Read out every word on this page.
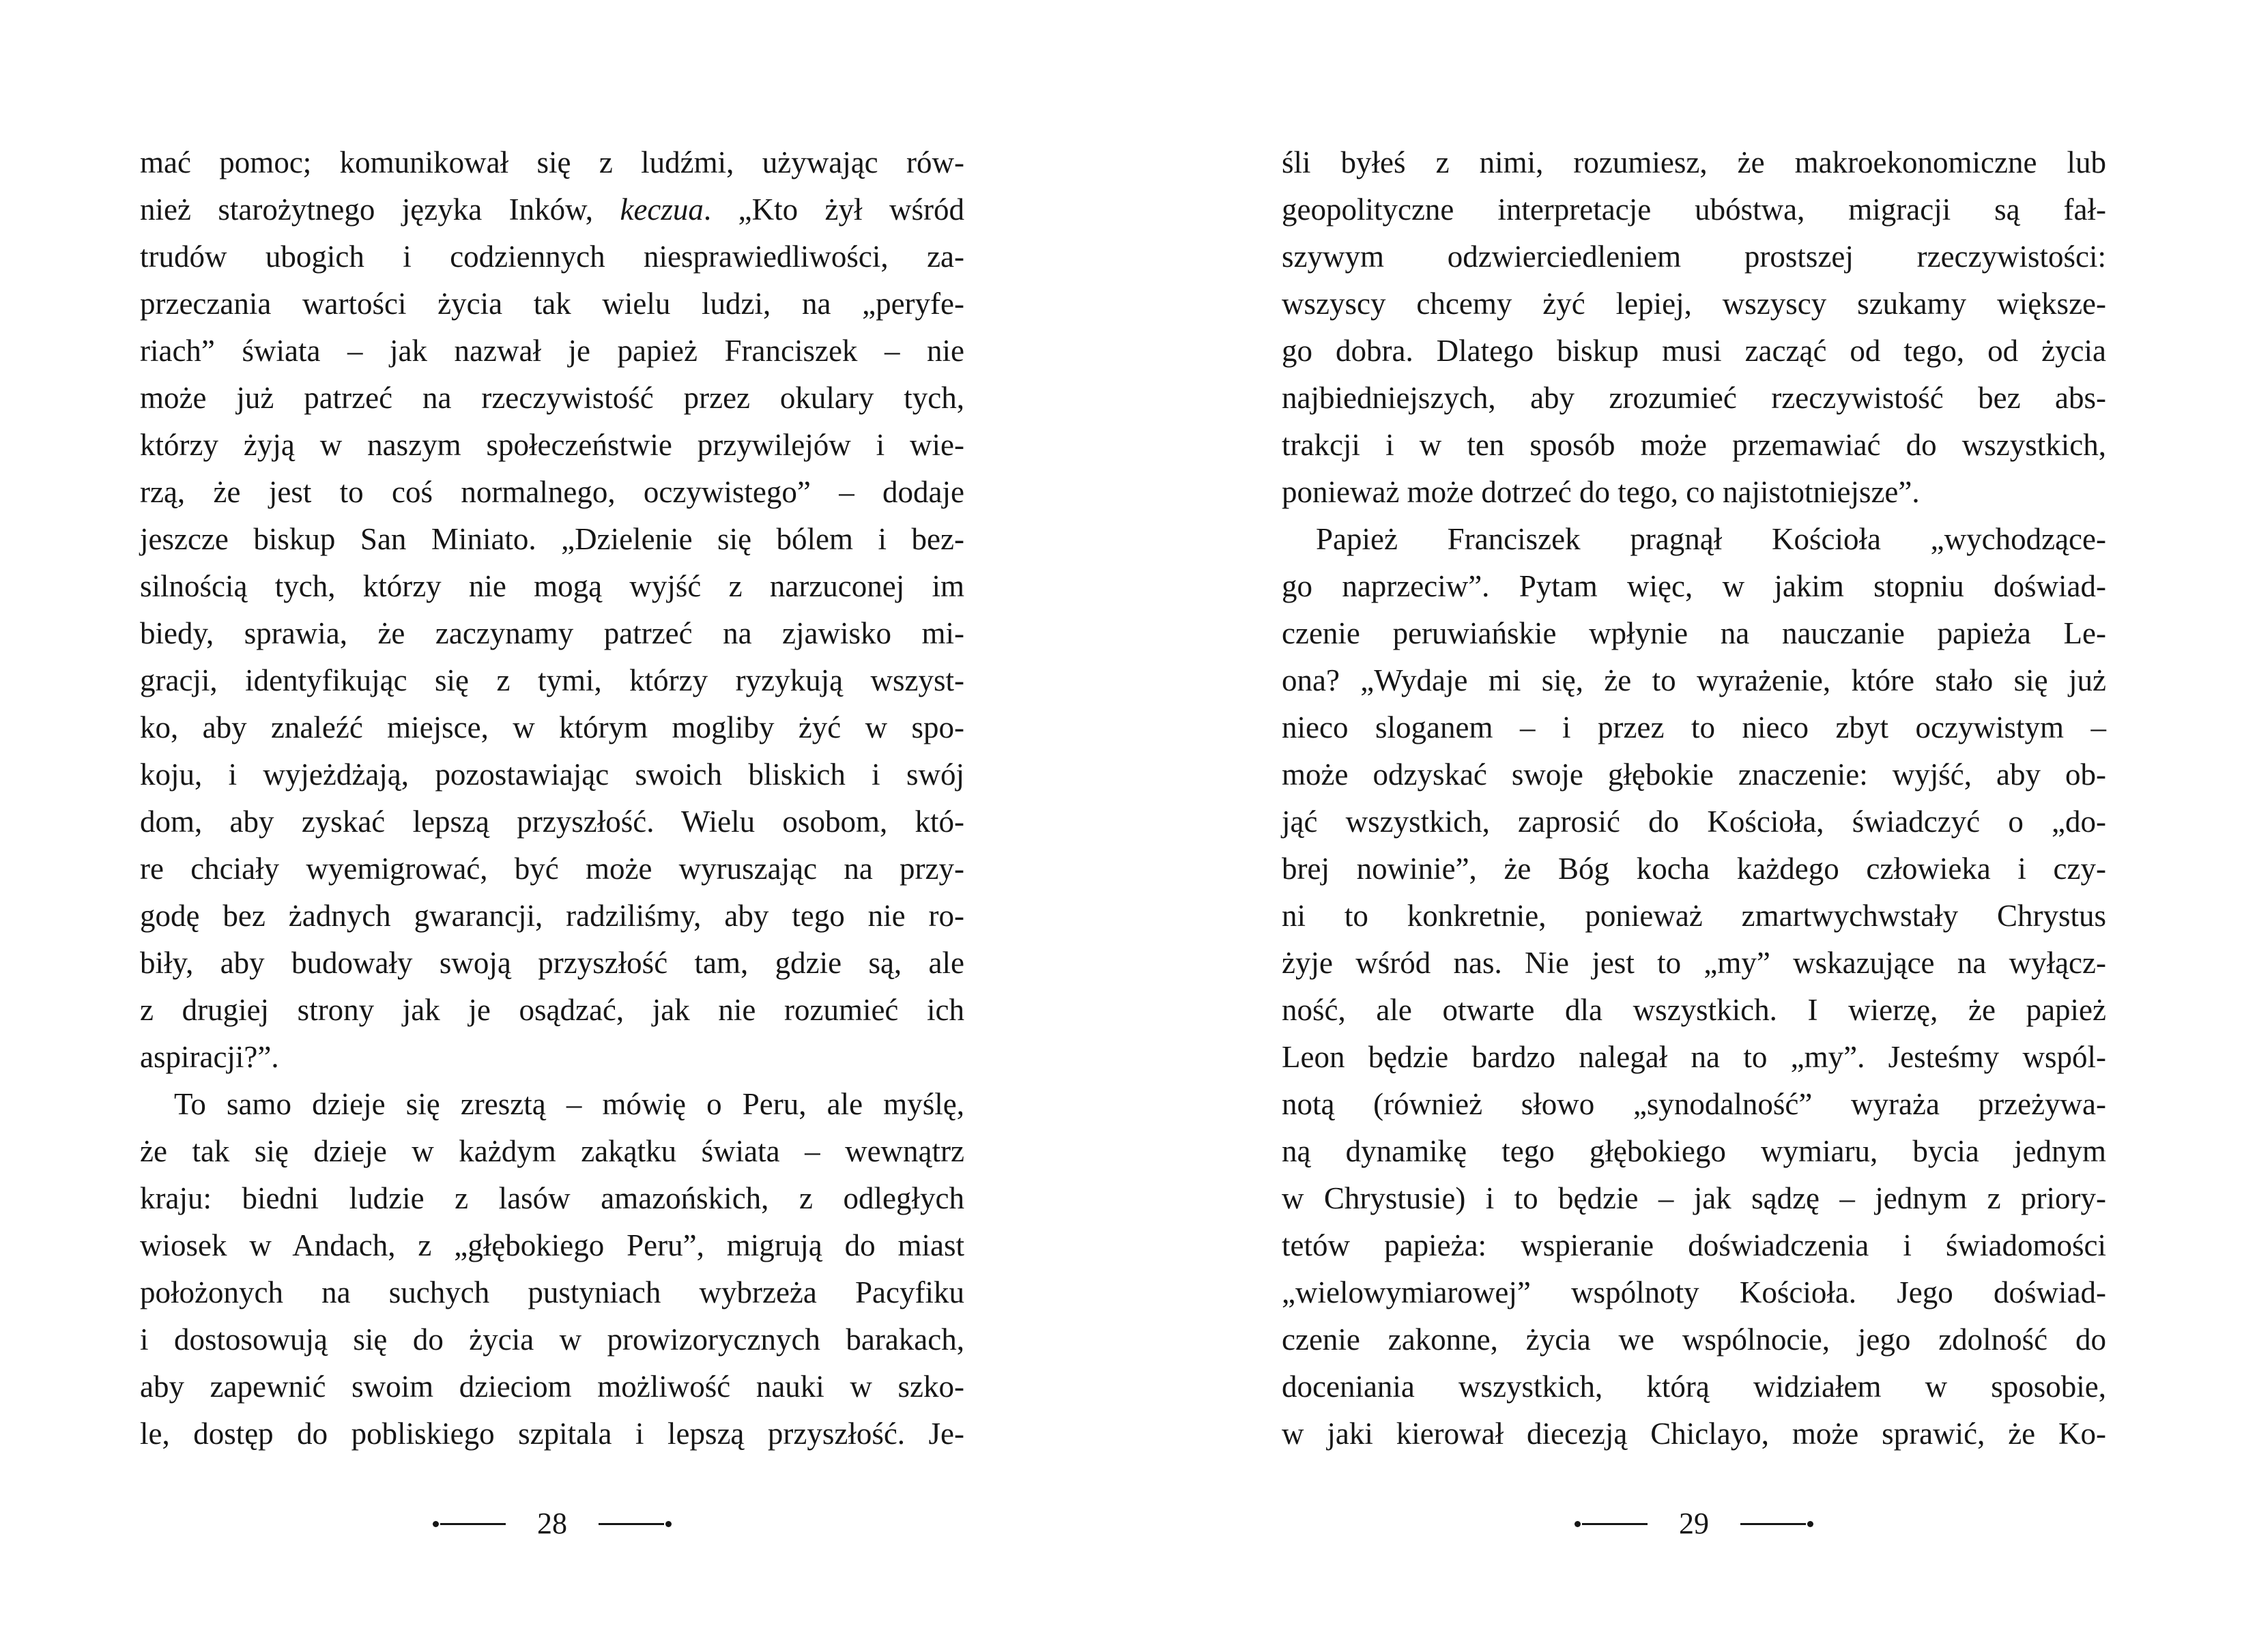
mać pomoc; komunikował się z ludźmi, używając rów-
nież starożytnego języka Inków, keczua. „Kto żył wśród
trudów ubogich i codziennych niesprawiedliwości, za-
przeczania wartości życia tak wielu ludzi, na „peryfe-
riach” świata – jak nazwał je papież Franciszek – nie
może już patrzeć na rzeczywistość przez okulary tych,
którzy żyją w naszym społeczeństwie przywilejów i wie-
rzą, że jest to coś normalnego, oczywistego” – dodaje
jeszcze biskup San Miniato. „Dzielenie się bólem i bez-
silnością tych, którzy nie mogą wyjść z narzuconej im
biedy, sprawia, że zaczynamy patrzeć na zjawisko mi-
gracji, identyfikując się z tymi, którzy ryzykują wszyst-
ko, aby znaleźć miejsce, w którym mogliby żyć w spo-
koju, i wyjeżdżają, pozostawiając swoich bliskich i swój
dom, aby zyskać lepszą przyszłość. Wielu osobom, któ-
re chciały wyemigrować, być może wyruszając na przy-
godę bez żadnych gwarancji, radziliśmy, aby tego nie ro-
biły, aby budowały swoją przyszłość tam, gdzie są, ale
z drugiej strony jak je osądzać, jak nie rozumieć ich
aspiracji?”.
To samo dzieje się zresztą – mówię o Peru, ale myślę,
że tak się dzieje w każdym zakątku świata – wewnątrz
kraju: biedni ludzie z lasów amazońskich, z odległych
wiosek w Andach, z „głębokiego Peru”, migrują do miast
położonych na suchych pustyniach wybrzeża Pacyfiku
i dostosowują się do życia w prowizorycznych barakach,
aby zapewnić swoim dzieciom możliwość nauki w szko-
le, dostęp do pobliskiego szpitala i lepszą przyszłość. Je-
śli byłeś z nimi, rozumiesz, że makroekonomiczne lub
geopolityczne interpretacje ubóstwa, migracji są fał-
szywym odzwierciedleniem prostszej rzeczywistości:
wszyscy chcemy żyć lepiej, wszyscy szukamy większe-
go dobra. Dlatego biskup musi zacząć od tego, od życia
najbiedniejszych, aby zrozumieć rzeczywistość bez abs-
trakcji i w ten sposób może przemawiać do wszystkich,
ponieważ może dotrzeć do tego, co najistotniejsze”.
Papież Franciszek pragnął Kościoła „wychodzące-
go naprzeciw”. Pytam więc, w jakim stopniu doświad-
czenie peruwiańskie wpłynie na nauczanie papieża Le-
ona? „Wydaje mi się, że to wyrażenie, które stało się już
nieco sloganem – i przez to nieco zbyt oczywistym –
może odzyskać swoje głębokie znaczenie: wyjść, aby ob-
jąć wszystkich, zaprosić do Kościoła, świadczyć o „do-
brej nowinie”, że Bóg kocha każdego człowieka i czy-
ni to konkretnie, ponieważ zmartwychwstały Chrystus
żyje wśród nas. Nie jest to „my” wskazujące na wyłącz-
ność, ale otwarte dla wszystkich. I wierzę, że papież
Leon będzie bardzo nalegał na to „my”. Jesteśmy wspól-
notą (również słowo „synodalność” wyraża przeżywa-
ną dynamikę tego głębokiego wymiaru, bycia jednym
w Chrystusie) i to będzie – jak sądzę – jednym z priory-
tetów papieża: wspieranie doświadczenia i świadomości
„wielowymiarowej” wspólnoty Kościoła. Jego doświad-
czenie zakonne, życia we wspólnocie, jego zdolność do
doceniania wszystkich, którą widziałem w sposobie,
w jaki kierował diecezją Chiclayo, może sprawić, że Ko-
28	29
